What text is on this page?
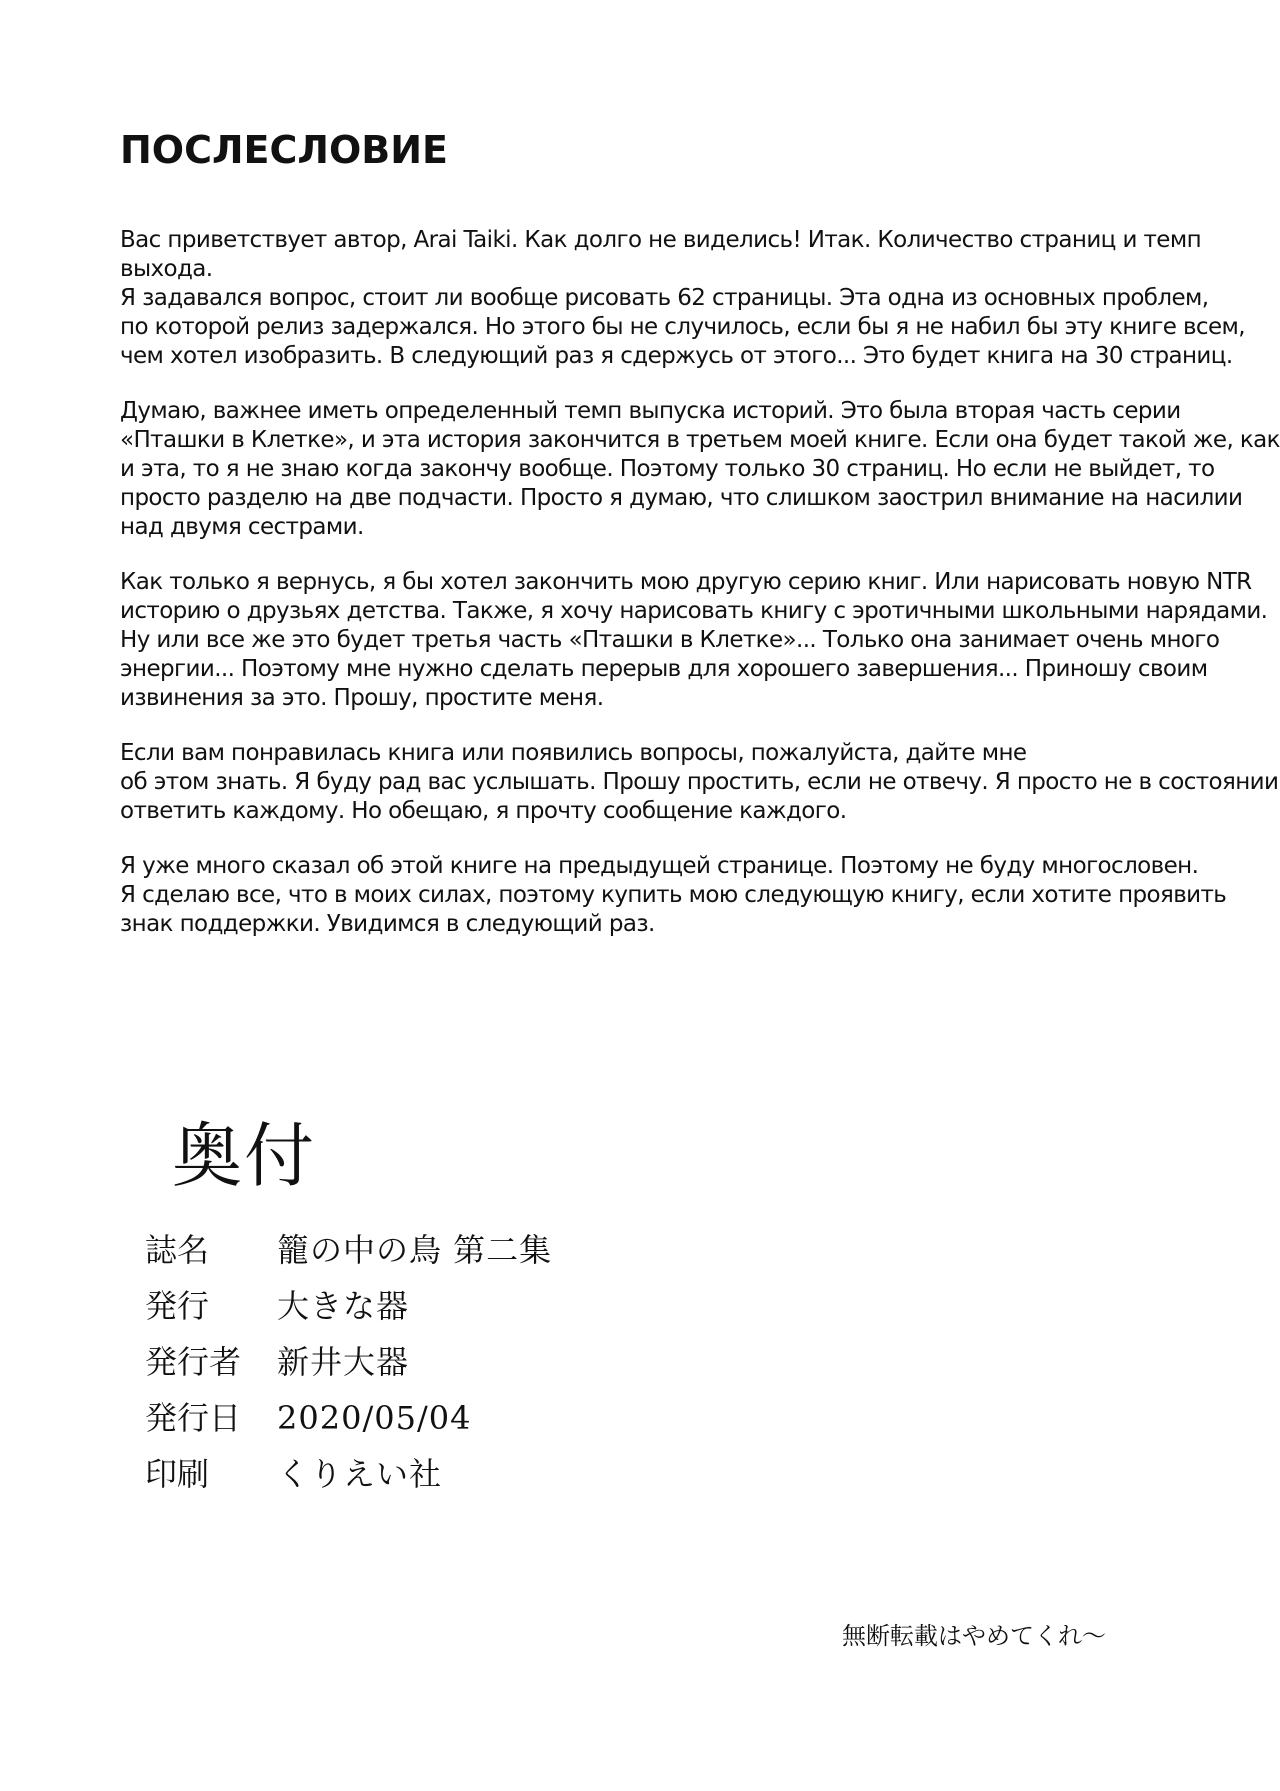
ПОСЛЕСЛОВИЕ
Вас приветствует автор, Arai Taiki. Как долго не виделись! Итак. Количество страниц и темп
выхода.
Я задавался вопрос, стоит ли вообще рисовать 62 страницы. Эта одна из основных проблем,
по которой релиз задержался. Но этого бы не случилось, если бы я не набил бы эту книге всем,
чем хотел изобразить. В следующий раз я сдержусь от этого... Это будет книга на 30 страниц.
Думаю, важнее иметь определенный темп выпуска историй. Это была вторая часть серии
«Пташки в Клетке», и эта история закончится в третьем моей книге. Если она будет такой же, как
и эта, то я не знаю когда закончу вообще. Поэтому только 30 страниц. Но если не выйдет, то
просто разделю на две подчасти. Просто я думаю, что слишком заострил внимание на насилии
над двумя сестрами.
Как только я вернусь, я бы хотел закончить мою другую серию книг. Или нарисовать новую NTR
историю о друзьях детства. Также, я хочу нарисовать книгу с эротичными школьными нарядами.
Ну или все же это будет третья часть «Пташки в Клетке»... Только она занимает очень много
энергии... Поэтому мне нужно сделать перерыв для хорошего завершения... Приношу своим
извинения за это. Прошу, простите меня.
Если вам понравилась книга или появились вопросы, пожалуйста, дайте мне
об этом знать. Я буду рад вас услышать. Прошу простить, если не отвечу. Я просто не в состоянии
ответить каждому. Но обещаю, я прочту сообщение каждого.
Я уже много сказал об этой книге на предыдущей странице. Поэтому не буду многословен.
Я сделаю все, что в моих силах, поэтому купить мою следующую книгу, если хотите проявить
знак поддержки. Увидимся в следующий раз.
奥付
誌名	籠の中の鳥 第二集
発行	大きな器
発行者	新井大器
発行日	2020/05/04
印刷	くりえい社
無断転載はやめてくれ〜
